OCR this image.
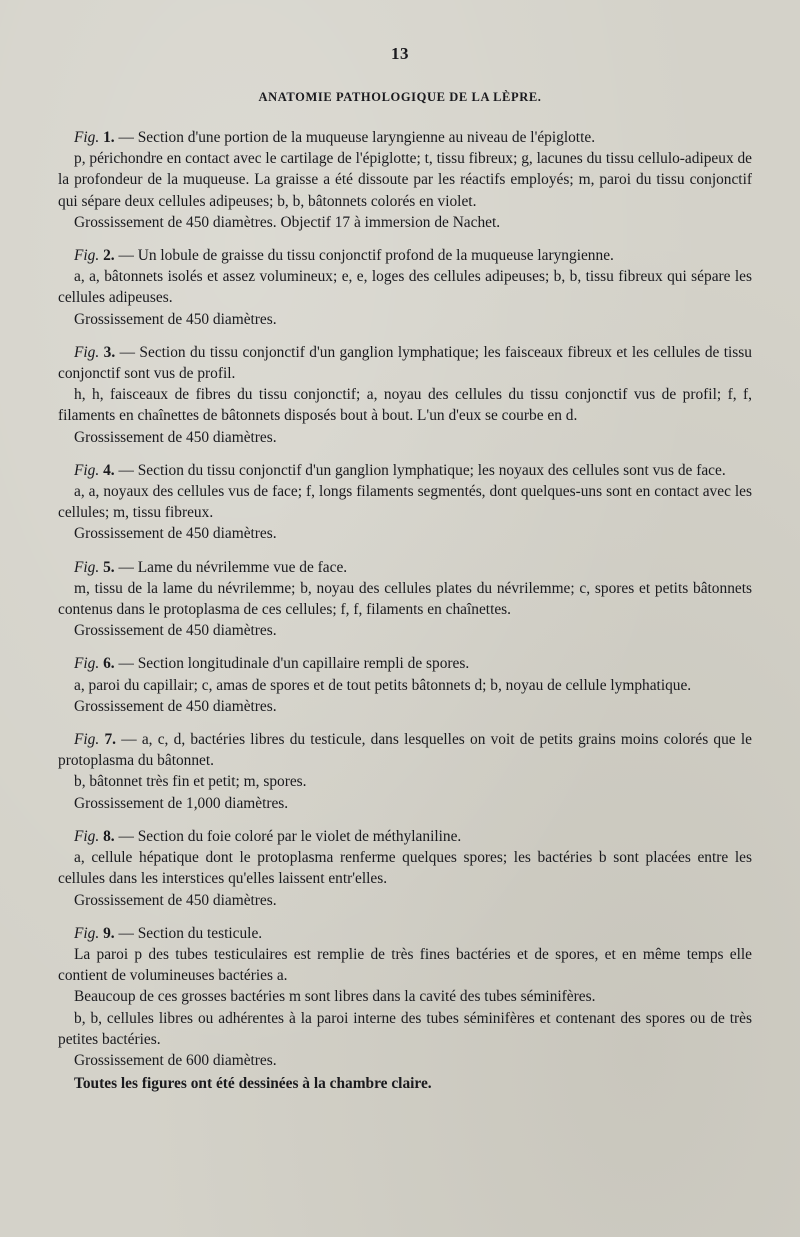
13
ANATOMIE PATHOLOGIQUE DE LA LÈPRE.

Fig. 1. — Section d'une portion de la muqueuse laryngienne au niveau de l'épiglotte.

p, périchondre en contact avec le cartilage de l'épiglotte; t, tissu fibreux; g, lacunes du tissu cellulo-adipeux de la profondeur de la muqueuse. La graisse a été dissoute par les réactifs employés; m, paroi du tissu conjonctif qui sépare deux cellules adipeuses; b, b, bâtonnets colorés en violet.

Grossissement de 450 diamètres. Objectif 17 à immersion de Nachet.

Fig. 2. — Un lobule de graisse du tissu conjonctif profond de la muqueuse laryngienne.

a, a, bâtonnets isolés et assez volumineux; e, e, loges des cellules adipeuses; b, b, tissu fibreux qui sépare les cellules adipeuses.

Grossissement de 450 diamètres.

Fig. 3. — Section du tissu conjonctif d'un ganglion lymphatique; les faisceaux fibreux et les cellules de tissu conjonctif sont vus de profil.

h, h, faisceaux de fibres du tissu conjonctif; a, noyau des cellules du tissu conjonctif vus de profil; f, f, filaments en chaînettes de bâtonnets disposés bout à bout. L'un d'eux se courbe en d.

Grossissement de 450 diamètres.

Fig. 4. — Section du tissu conjonctif d'un ganglion lymphatique; les noyaux des cellules sont vus de face.

a, a, noyaux des cellules vus de face; f, longs filaments segmentés, dont quelques-uns sont en contact avec les cellules; m, tissu fibreux.

Grossissement de 450 diamètres.

Fig. 5. — Lame du névrilemme vue de face.

m, tissu de la lame du névrilemme; b, noyau des cellules plates du névrilemme; c, spores et petits bâtonnets contenus dans le protoplasma de ces cellules; f, f, filaments en chaînettes.

Grossissement de 450 diamètres.

Fig. 6. — Section longitudinale d'un capillaire rempli de spores.

a, paroi du capillair; c, amas de spores et de tout petits bâtonnets d; b, noyau de cellule lymphatique.

Grossissement de 450 diamètres.

Fig. 7. — a, c, d, bactéries libres du testicule, dans lesquelles on voit de petits grains moins colorés que le protoplasma du bâtonnet.

b, bâtonnet très fin et petit; m, spores.

Grossissement de 1,000 diamètres.

Fig. 8. — Section du foie coloré par le violet de méthylaniline.

a, cellule hépatique dont le protoplasma renferme quelques spores; les bactéries b sont placées entre les cellules dans les interstices qu'elles laissent entr'elles.

Grossissement de 450 diamètres.

Fig. 9. — Section du testicule.

La paroi p des tubes testiculaires est remplie de très fines bactéries et de spores, et en même temps elle contient de volumineuses bactéries a.

Beaucoup de ces grosses bactéries m sont libres dans la cavité des tubes séminifères.

b, b, cellules libres ou adhérentes à la paroi interne des tubes séminifères et contenant des spores ou de très petites bactéries.

Grossissement de 600 diamètres.

Toutes les figures ont été dessinées à la chambre claire.
